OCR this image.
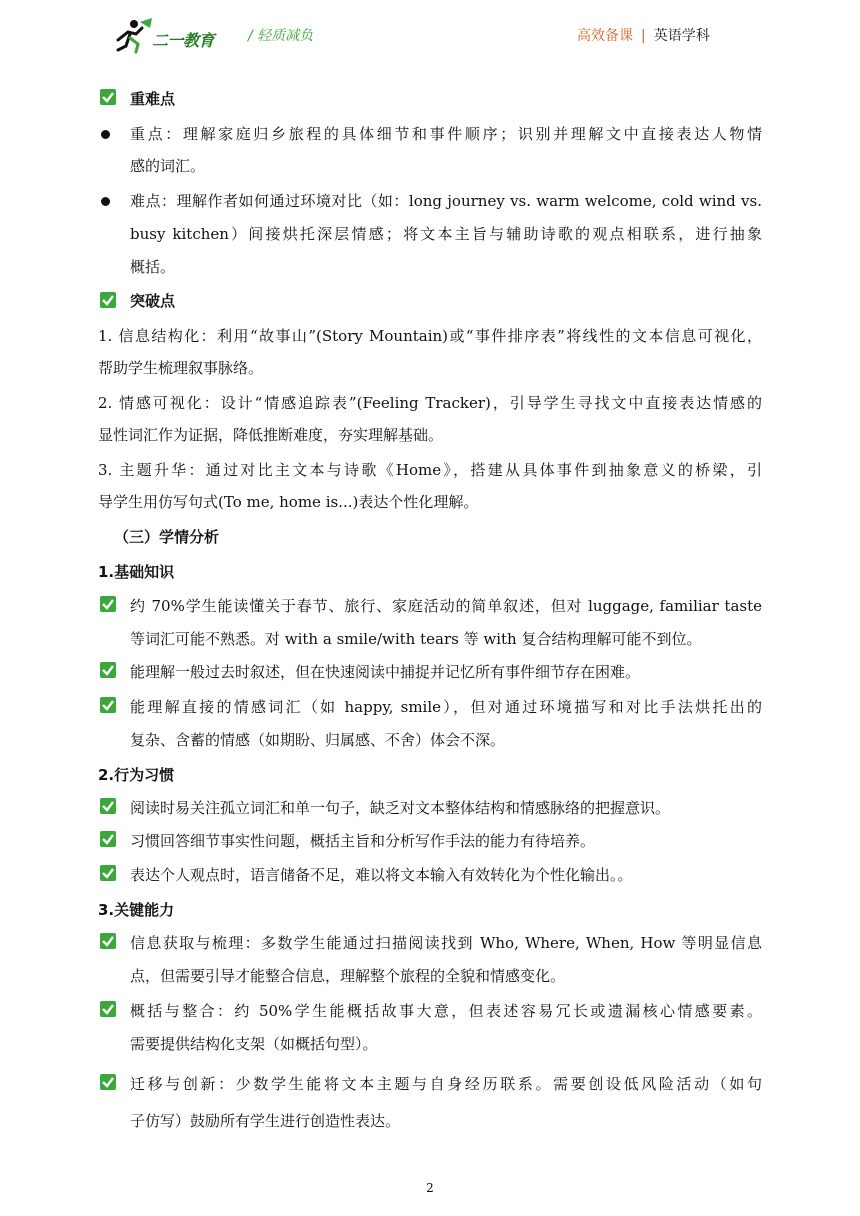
二一教育 / 轻质减负	高效备课 | 英语学科
重难点
重点：理解家庭归乡旅程的具体细节和事件顺序；识别并理解文中直接表达人物情
感的词汇。
难点：理解作者如何通过环境对比（如：long journey vs. warm welcome, cold wind vs.
busy kitchen）间接烘托深层情感；将文本主旨与辅助诗歌的观点相联系，进行抽象
概括。
突破点
1. 信息结构化：利用“故事山”(Story Mountain)或“事件排序表”将线性的文本信息可视化，
帮助学生梳理叙事脉络。
2. 情感可视化：设计“情感追踪表”(Feeling Tracker)，引导学生寻找文中直接表达情感的
显性词汇作为证据，降低推断难度，夯实理解基础。
3. 主题升华：通过对比主文本与诗歌《Home》，搭建从具体事件到抽象意义的桥梁，引
导学生用仿写句式(To me, home is...)表达个性化理解。
（三）学情分析
1.基础知识
约 70%学生能读懂关于春节、旅行、家庭活动的简单叙述，但对 luggage, familiar taste
等词汇可能不熟悉。对 with a smile/with tears 等 with 复合结构理解可能不到位。
能理解一般过去时叙述，但在快速阅读中捕捉并记忆所有事件细节存在困难。
能理解直接的情感词汇（如 happy, smile），但对通过环境描写和对比手法烘托出的
复杂、含蓄的情感（如期盼、归属感、不舍）体会不深。
2.行为习惯
阅读时易关注孤立词汇和单一句子，缺乏对文本整体结构和情感脉络的把握意识。
习惯回答细节事实性问题，概括主旨和分析写作手法的能力有待培养。
表达个人观点时，语言储备不足，难以将文本输入有效转化为个性化输出。。
3.关键能力
信息获取与梳理：多数学生能通过扫描阅读找到 Who, Where, When, How 等明显信息
点，但需要引导才能整合信息，理解整个旅程的全貌和情感变化。
概括与整合：约 50%学生能概括故事大意，但表述容易冗长或遗漏核心情感要素。
需要提供结构化支架（如概括句型）。
迁移与创新：少数学生能将文本主题与自身经历联系。需要创设低风险活动（如句
子仿写）鼓励所有学生进行创造性表达。
2
